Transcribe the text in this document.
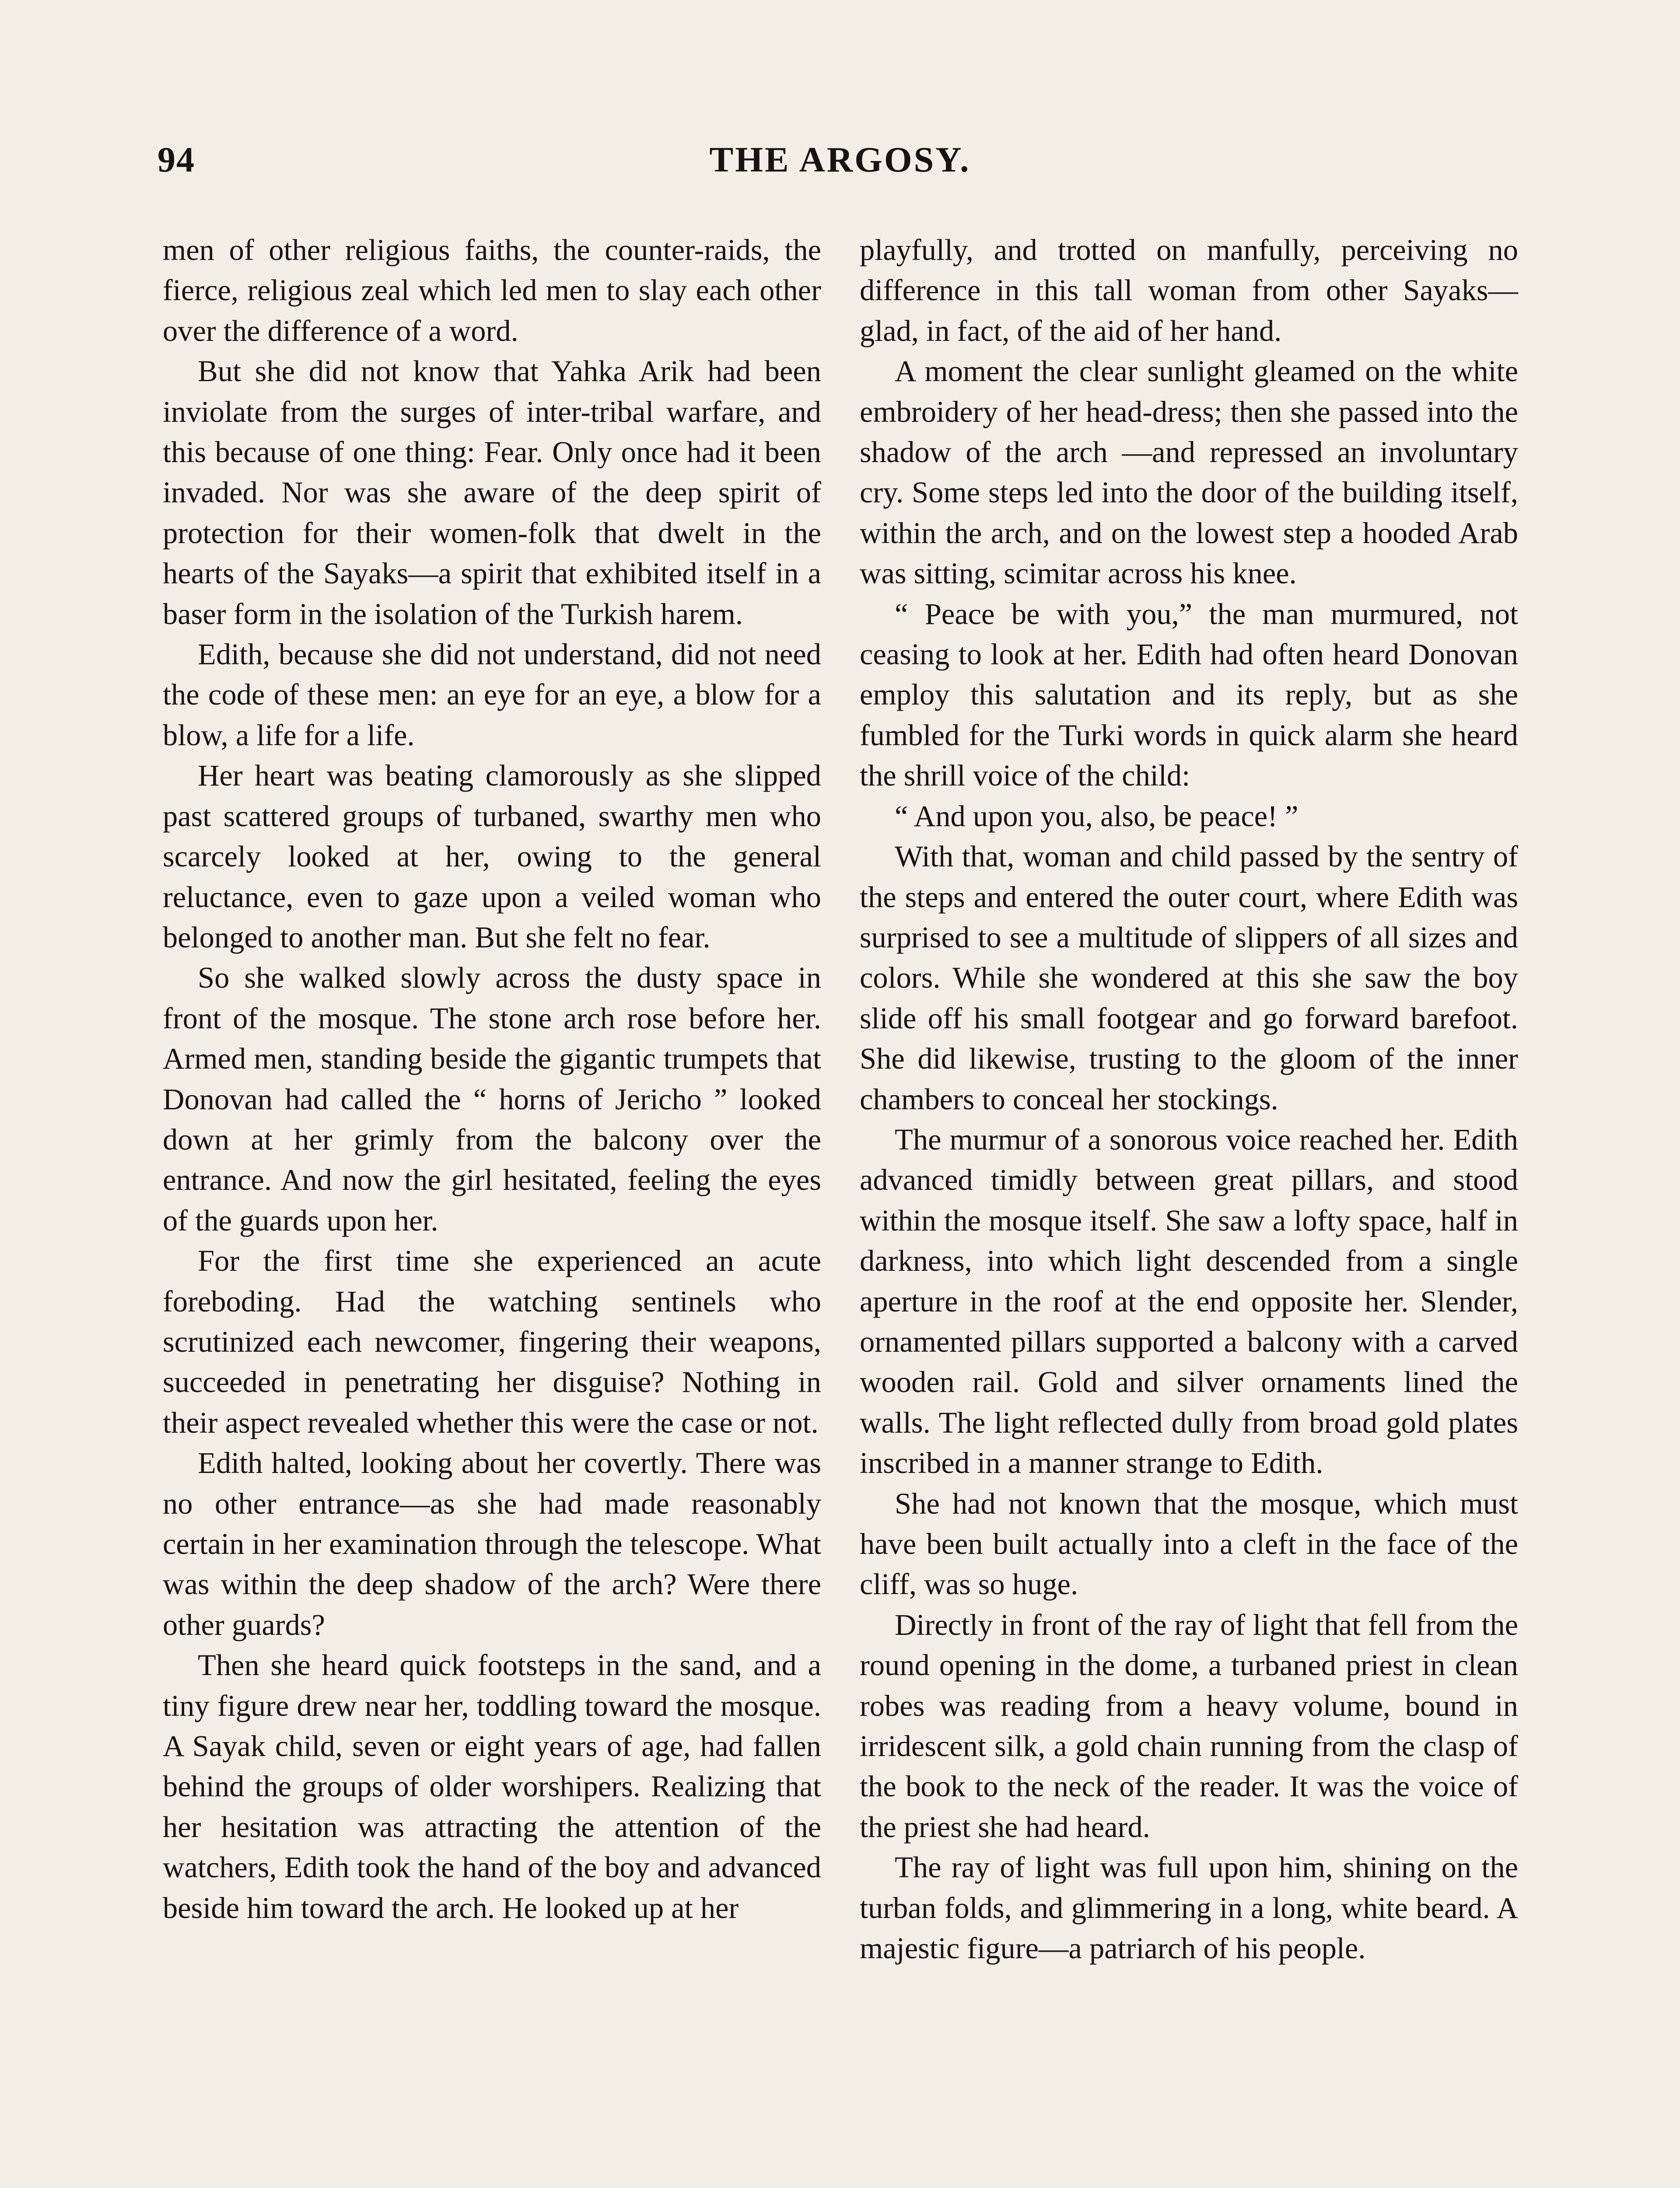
94	THE ARGOSY.

men of other religious faiths, the counter-raids, the fierce, religious zeal which led men to slay each other over the difference of a word.

But she did not know that Yahka Arik had been inviolate from the surges of inter-tribal warfare, and this because of one thing: Fear. Only once had it been invaded. Nor was she aware of the deep spirit of protection for their women-folk that dwelt in the hearts of the Sayaks—a spirit that exhibited itself in a baser form in the isolation of the Turkish harem.

Edith, because she did not understand, did not need the code of these men: an eye for an eye, a blow for a blow, a life for a life.

Her heart was beating clamorously as she slipped past scattered groups of turbaned, swarthy men who scarcely looked at her, owing to the general reluctance, even to gaze upon a veiled woman who belonged to another man. But she felt no fear.

So she walked slowly across the dusty space in front of the mosque. The stone arch rose before her. Armed men, standing beside the gigantic trumpets that Donovan had called the “ horns of Jericho ” looked down at her grimly from the balcony over the entrance. And now the girl hesitated, feeling the eyes of the guards upon her.

For the first time she experienced an acute foreboding. Had the watching sentinels who scrutinized each newcomer, fingering their weapons, succeeded in penetrating her disguise? Nothing in their aspect revealed whether this were the case or not.

Edith halted, looking about her covertly. There was no other entrance—as she had made reasonably certain in her examination through the telescope. What was within the deep shadow of the arch? Were there other guards?

Then she heard quick footsteps in the sand, and a tiny figure drew near her, toddling toward the mosque. A Sayak child, seven or eight years of age, had fallen behind the groups of older worshipers. Realizing that her hesitation was attracting the attention of the watchers, Edith took the hand of the boy and advanced beside him toward the arch. He looked up at her

playfully, and trotted on manfully, perceiving no difference in this tall woman from other Sayaks—glad, in fact, of the aid of her hand.

A moment the clear sunlight gleamed on the white embroidery of her head-dress; then she passed into the shadow of the arch —and repressed an involuntary cry. Some steps led into the door of the building itself, within the arch, and on the lowest step a hooded Arab was sitting, scimitar across his knee.

“ Peace be with you,” the man murmured, not ceasing to look at her. Edith had often heard Donovan employ this salutation and its reply, but as she fumbled for the Turki words in quick alarm she heard the shrill voice of the child:

“ And upon you, also, be peace! ”

With that, woman and child passed by the sentry of the steps and entered the outer court, where Edith was surprised to see a multitude of slippers of all sizes and colors. While she wondered at this she saw the boy slide off his small footgear and go forward barefoot. She did likewise, trusting to the gloom of the inner chambers to conceal her stockings.

The murmur of a sonorous voice reached her. Edith advanced timidly between great pillars, and stood within the mosque itself. She saw a lofty space, half in darkness, into which light descended from a single aperture in the roof at the end opposite her. Slender, ornamented pillars supported a balcony with a carved wooden rail. Gold and silver ornaments lined the walls. The light reflected dully from broad gold plates inscribed in a manner strange to Edith.

She had not known that the mosque, which must have been built actually into a cleft in the face of the cliff, was so huge.

Directly in front of the ray of light that fell from the round opening in the dome, a turbaned priest in clean robes was reading from a heavy volume, bound in irridescent silk, a gold chain running from the clasp of the book to the neck of the reader. It was the voice of the priest she had heard.

The ray of light was full upon him, shining on the turban folds, and glimmering in a long, white beard. A majestic figure—a patriarch of his people.
